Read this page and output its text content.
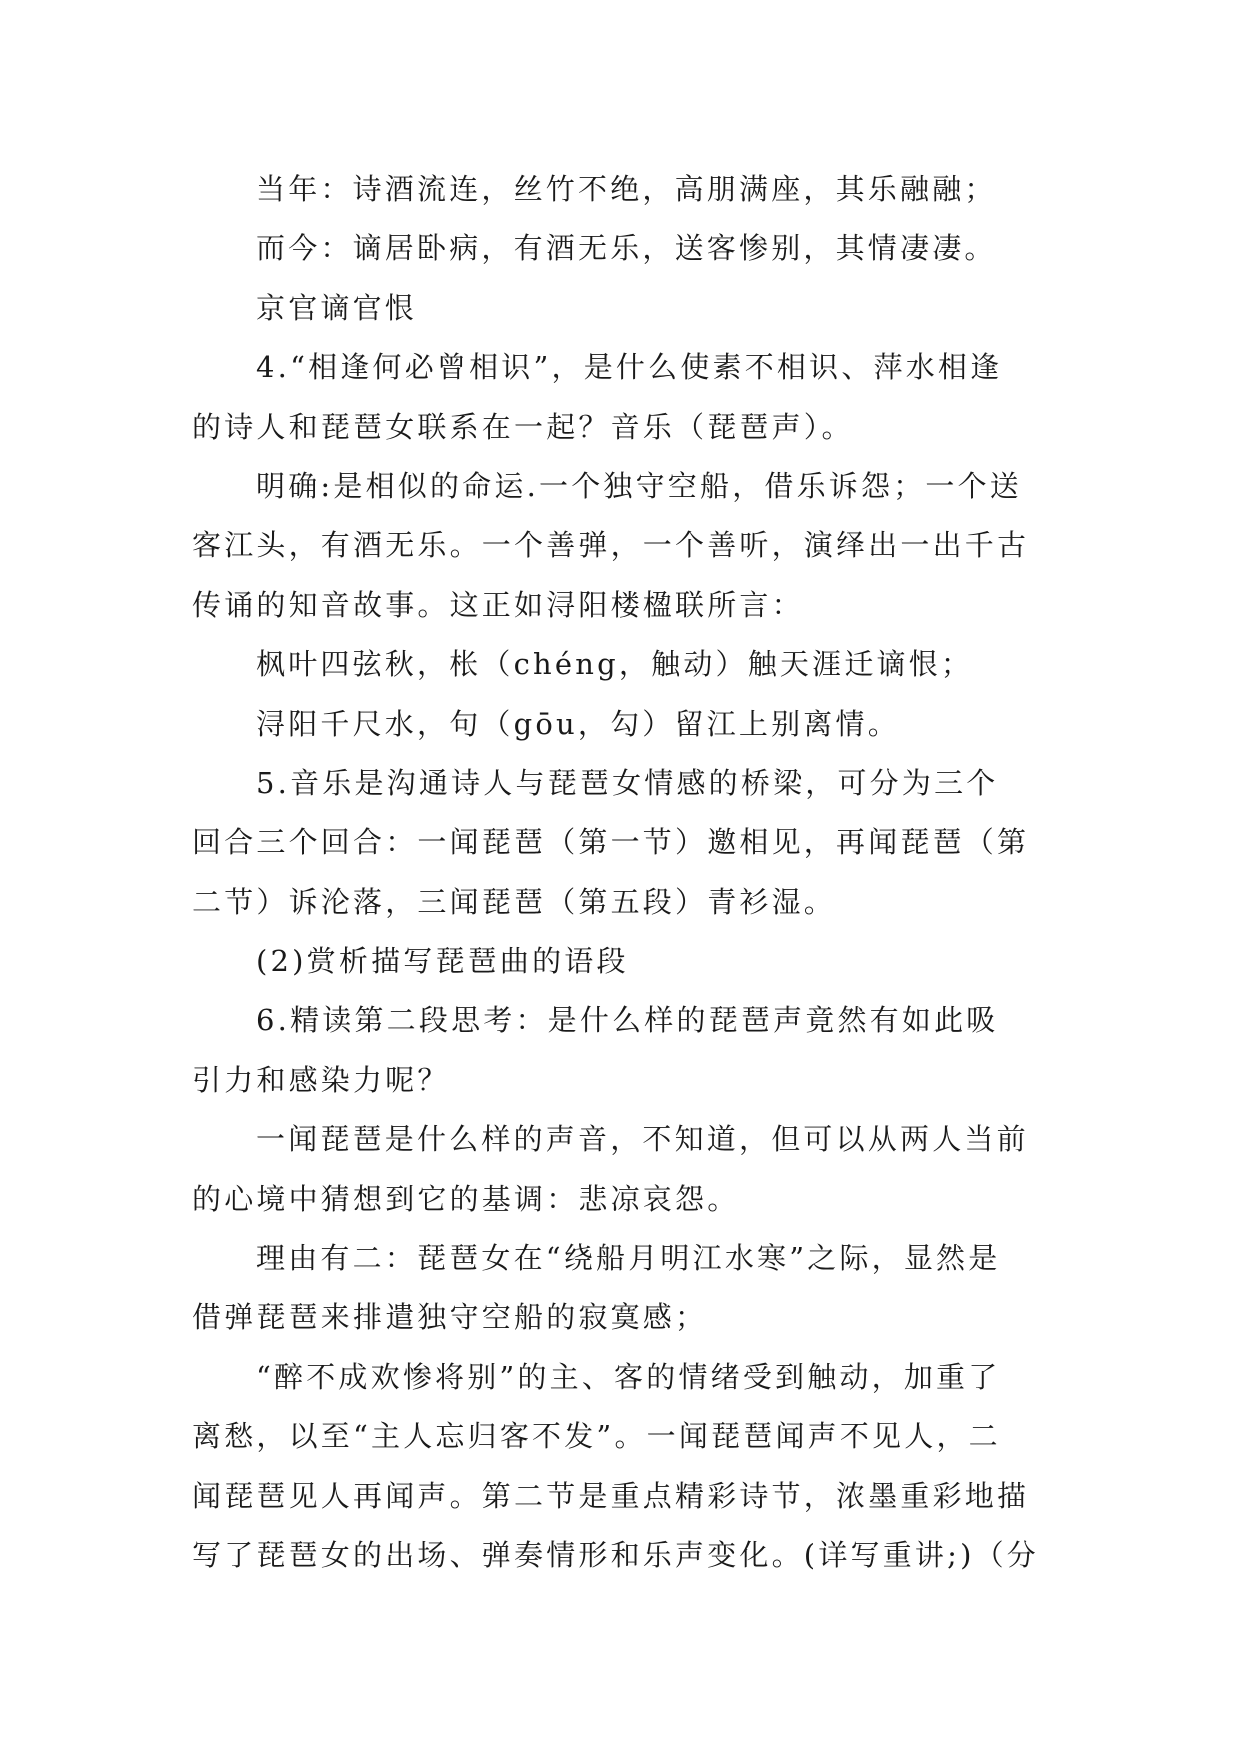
当年：诗酒流连，丝竹不绝，高朋满座，其乐融融；
而今：谪居卧病，有酒无乐，送客惨别，其情凄凄。
京官谪官恨
4.“相逢何必曾相识”，是什么使素不相识、萍水相逢
的诗人和琵琶女联系在一起？音乐（琵琶声）。
明确:是相似的命运.一个独守空船，借乐诉怨；一个送
客江头，有酒无乐。一个善弹，一个善听，演绎出一出千古
传诵的知音故事。这正如浔阳楼楹联所言：
枫叶四弦秋，枨（chéng，触动）触天涯迁谪恨；
浔阳千尺水，句（gōu，勾）留江上别离情。
5.音乐是沟通诗人与琵琶女情感的桥梁，可分为三个
回合三个回合：一闻琵琶（第一节）邀相见，再闻琵琶（第
二节）诉沦落，三闻琵琶（第五段）青衫湿。
(2)赏析描写琵琶曲的语段
6.精读第二段思考：是什么样的琵琶声竟然有如此吸
引力和感染力呢？
一闻琵琶是什么样的声音，不知道，但可以从两人当前
的心境中猜想到它的基调：悲凉哀怨。
理由有二：琵琶女在“绕船月明江水寒”之际，显然是
借弹琵琶来排遣独守空船的寂寞感；
“醉不成欢惨将别”的主、客的情绪受到触动，加重了
离愁，以至“主人忘归客不发”。一闻琵琶闻声不见人，二
闻琵琶见人再闻声。第二节是重点精彩诗节，浓墨重彩地描
写了琵琶女的出场、弹奏情形和乐声变化。(详写重讲;)（分
